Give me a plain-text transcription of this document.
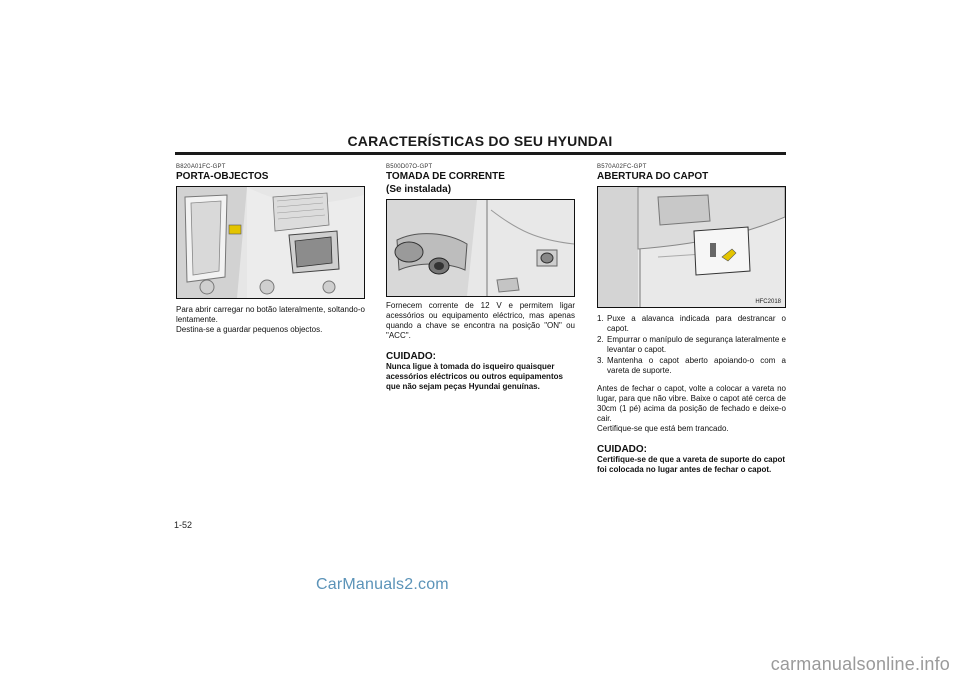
CARACTERÍSTICAS DO SEU HYUNDAI
B820A01FC-GPT
PORTA-OBJECTOS
Para abrir carregar no botão lateralmente, soltando-o lentamente.
Destina-se a guardar pequenos objectos.
B500D07O-GPT
TOMADA DE CORRENTE
(Se instalada)
Fornecem corrente de 12 V e permitem ligar acessórios ou equipamento eléctrico, mas apenas quando a chave se encontra na posição "ON" ou "ACC".
CUIDADO:
Nunca ligue à tomada do isqueiro quaisquer acessórios eléctricos ou outros equipamentos que não sejam peças Hyundai genuínas.
B570A02FC-GPT
ABERTURA DO CAPOT
HFC2018
1. Puxe a alavanca indicada para destrancar o capot.
2. Empurrar o manípulo de segurança lateralmente e levantar o capot.
3. Mantenha o capot aberto apoiando-o com a vareta de suporte.
Antes de fechar o capot, volte a colocar a vareta no lugar, para que não vibre. Baixe o capot até cerca de 30cm (1 pé) acima da posição de fechado e deixe-o cair.
Certifique-se que está bem trancado.
CUIDADO:
Certifique-se de que a vareta de suporte do capot foi colocada no lugar antes de fechar o capot.
1-52
CarManuals2.com
carmanualsonline.info
